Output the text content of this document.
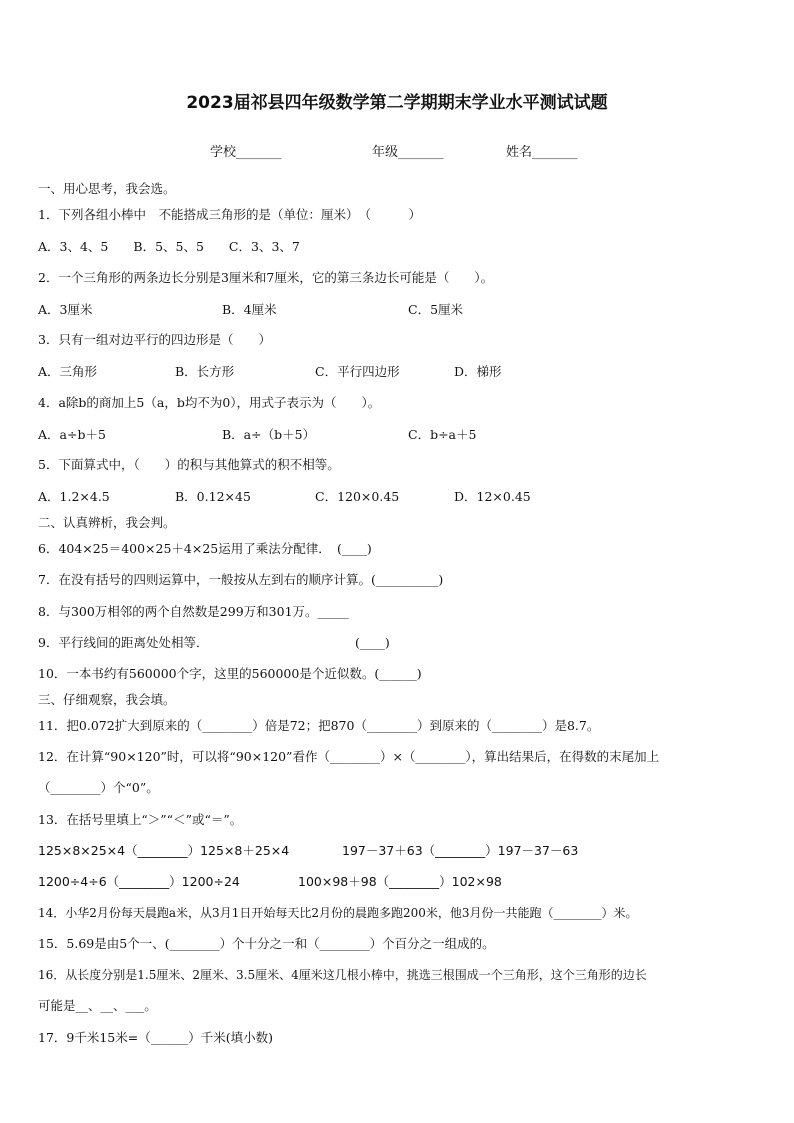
2023届祁县四年级数学第二学期期末学业水平测试试题
学校_______	年级_______	姓名_______
一、用心思考，我会选。
1．下列各组小棒中　不能搭成三角形的是（单位：厘米）　（　　　）
A．3、4、5　　B．5、5、5　　C．3、3、7
2．一个三角形的两条边长分别是3厘米和7厘米，它的第三条边长可能是（　　）。
A．3厘米	B．4厘米	C．5厘米
3．只有一组对边平行的四边形是（　　）
A．三角形	B．长方形	C．平行四边形	D．梯形
4．a除b的商加上5（a，b均不为0），用式子表示为（　　）。
A．a÷b＋5	B．a÷（b＋5）	C．b÷a＋5
5．下面算式中，（　　）的积与其他算式的积不相等。
A．1.2×4.5	B．0.12×45	C．120×0.45	D．12×0.45
二、认真辨析，我会判。
6．404×25＝400×25＋4×25运用了乘法分配律．　(____)
7．在没有括号的四则运算中，一般按从左到右的顺序计算。(__________)
8．与300万相邻的两个自然数是299万和301万。_____
9．平行线间的距离处处相等．	(____)
10．一本书约有560000个字，这里的560000是个近似数。(______)
三、仔细观察，我会填。
11．把0.072扩大到原来的（________）倍是72；把870（________）到原来的（________）是8.7。
12．在计算“90×120”时，可以将“90×120”看作（________）×（________），算出结果后，在得数的末尾加上
（________）个“0”。
13．在括号里填上“＞”“＜”或“＝”。
125×8×25×4（________）125×8＋25×4	197－37＋63（________）197－37－63
1200÷4÷6（________）1200÷24	100×98＋98（________）102×98
14．小华2月份每天晨跑a米，从3月1日开始每天比2月份的晨跑多跑200米，他3月份一共能跑（________）米。
15．5.69是由5个一、(________）个十分之一和（________）个百分之一组成的。
16．从长度分别是1.5厘米、2厘米、3.5厘米、4厘米这几根小棒中，挑选三根围成一个三角形，这个三角形的边长
可能是__、__、___。
17．9千米15米=（______）千米(填小数)
